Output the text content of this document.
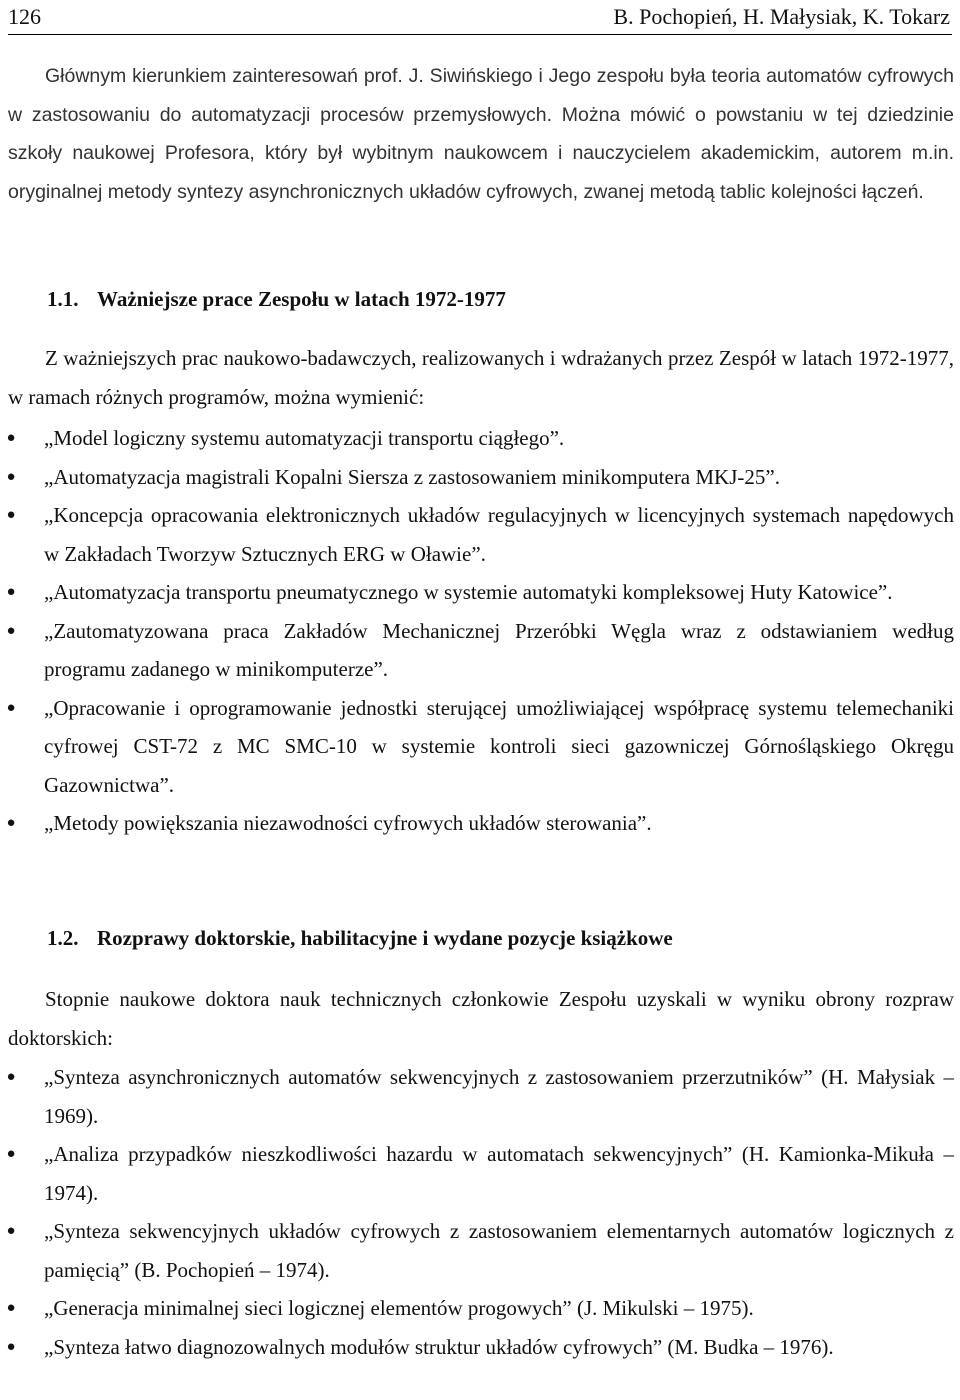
126	B. Pochopień, H. Małysiak, K. Tokarz

Głównym kierunkiem zainteresowań prof. J. Siwińskiego i Jego zespołu była teoria automatów cyfrowych w zastosowaniu do automatyzacji procesów przemysłowych. Można mówić o powstaniu w tej dziedzinie szkoły naukowej Profesora, który był wybitnym naukowcem i nauczycielem akademickim, autorem m.in. oryginalnej metody syntezy asynchronicznych układów cyfrowych, zwanej metodą tablic kolejności łączeń.

1.1. Ważniejsze prace Zespołu w latach 1972-1977

Z ważniejszych prac naukowo-badawczych, realizowanych i wdrażanych przez Zespół w latach 1972-1977, w ramach różnych programów, można wymienić:

● „Model logiczny systemu automatyzacji transportu ciągłego”.
● „Automatyzacja magistrali Kopalni Siersza z zastosowaniem minikomputera MKJ-25”.
● „Koncepcja opracowania elektronicznych układów regulacyjnych w licencyjnych systemach napędowych w Zakładach Tworzyw Sztucznych ERG w Oławie”.
● „Automatyzacja transportu pneumatycznego w systemie automatyki kompleksowej Huty Katowice”.
● „Zautomatyzowana praca Zakładów Mechanicznej Przeróbki Węgla wraz z odstawianiem według programu zadanego w minikomputerze”.
● „Opracowanie i oprogramowanie jednostki sterującej umożliwiającej współpracę systemu telemechaniki cyfrowej CST-72 z MC SMC-10 w systemie kontroli sieci gazowniczej Górnośląskiego Okręgu Gazownictwa”.
● „Metody powiększania niezawodności cyfrowych układów sterowania”.
1.2. Rozprawy doktorskie, habilitacyjne i wydane pozycje książkowe

Stopnie naukowe doktora nauk technicznych członkowie Zespołu uzyskali w wyniku obrony rozpraw doktorskich:

● „Synteza asynchronicznych automatów sekwencyjnych z zastosowaniem przerzutników” (H. Małysiak – 1969).
● „Analiza przypadków nieszkodliwości hazardu w automatach sekwencyjnych” (H. Kamionka-Mikuła – 1974).
● „Synteza sekwencyjnych układów cyfrowych z zastosowaniem elementarnych automatów logicznych z pamięcią” (B. Pochopień – 1974).
● „Generacja minimalnej sieci logicznej elementów progowych” (J. Mikulski – 1975).
● „Synteza łatwo diagnozowalnych modułów struktur układów cyfrowych” (M. Budka – 1976).
